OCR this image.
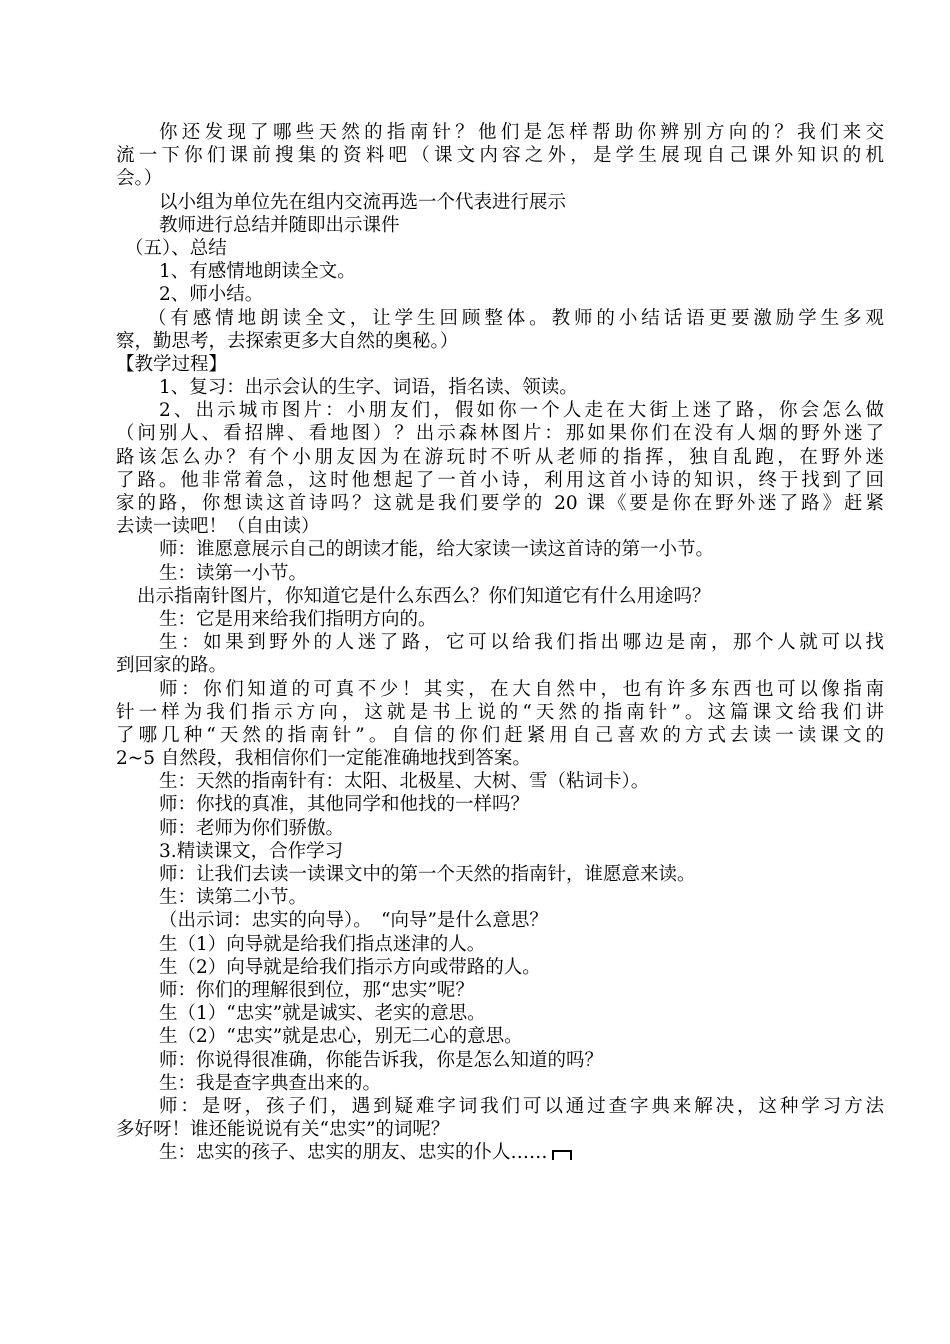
你还发现了哪些天然的指南针？他们是怎样帮助你辨别方向的？我们来交
流一下你们课前搜集的资料吧（课文内容之外，是学生展现自己课外知识的机
会。）
以小组为单位先在组内交流再选一个代表进行展示
教师进行总结并随即出示课件
（五）、总结
1、有感情地朗读全文。
2、师小结。
（有感情地朗读全文，让学生回顾整体。教师的小结话语更要激励学生多观
察，勤思考，去探索更多大自然的奥秘。）
【教学过程】
1、复习：出示会认的生字、词语，指名读、领读。
2、出示城市图片：小朋友们，假如你一个人走在大街上迷了路，你会怎么做
（问别人、看招牌、看地图）？出示森林图片：那如果你们在没有人烟的野外迷了
路该怎么办？有个小朋友因为在游玩时不听从老师的指挥，独自乱跑，在野外迷
了路。他非常着急，这时他想起了一首小诗，利用这首小诗的知识，终于找到了回
家的路，你想读这首诗吗？这就是我们要学的 20 课《要是你在野外迷了路》赶紧
去读一读吧！（自由读）
师：谁愿意展示自己的朗读才能，给大家读一读这首诗的第一小节。
生：读第一小节。
出示指南针图片，你知道它是什么东西么？你们知道它有什么用途吗？
生：它是用来给我们指明方向的。
生：如果到野外的人迷了路，它可以给我们指出哪边是南，那个人就可以找
到回家的路。
师：你们知道的可真不少！其实，在大自然中，也有许多东西也可以像指南
针一样为我们指示方向，这就是书上说的“天然的指南针”。这篇课文给我们讲
了哪几种“天然的指南针”。自信的你们赶紧用自己喜欢的方式去读一读课文的
2~5 自然段，我相信你们一定能准确地找到答案。
生：天然的指南针有：太阳、北极星、大树、雪（粘词卡）。
师：你找的真准，其他同学和他找的一样吗？
师：老师为你们骄傲。
3.精读课文，合作学习
师：让我们去读一读课文中的第一个天然的指南针，谁愿意来读。
生：读第二小节。
（出示词：忠实的向导）。　“向导”是什么意思？
生（1）向导就是给我们指点迷津的人。
生（2）向导就是给我们指示方向或带路的人。
师：你们的理解很到位，那“忠实”呢？
生（1）“忠实”就是诚实、老实的意思。
生（2）“忠实”就是忠心，别无二心的意思。
师：你说得很准确，你能告诉我，你是怎么知道的吗？
生：我是查字典查出来的。
师：是呀，孩子们，遇到疑难字词我们可以通过查字典来解决，这种学习方法
多好呀！谁还能说说有关“忠实”的词呢？
生：忠实的孩子、忠实的朋友、忠实的仆人……
